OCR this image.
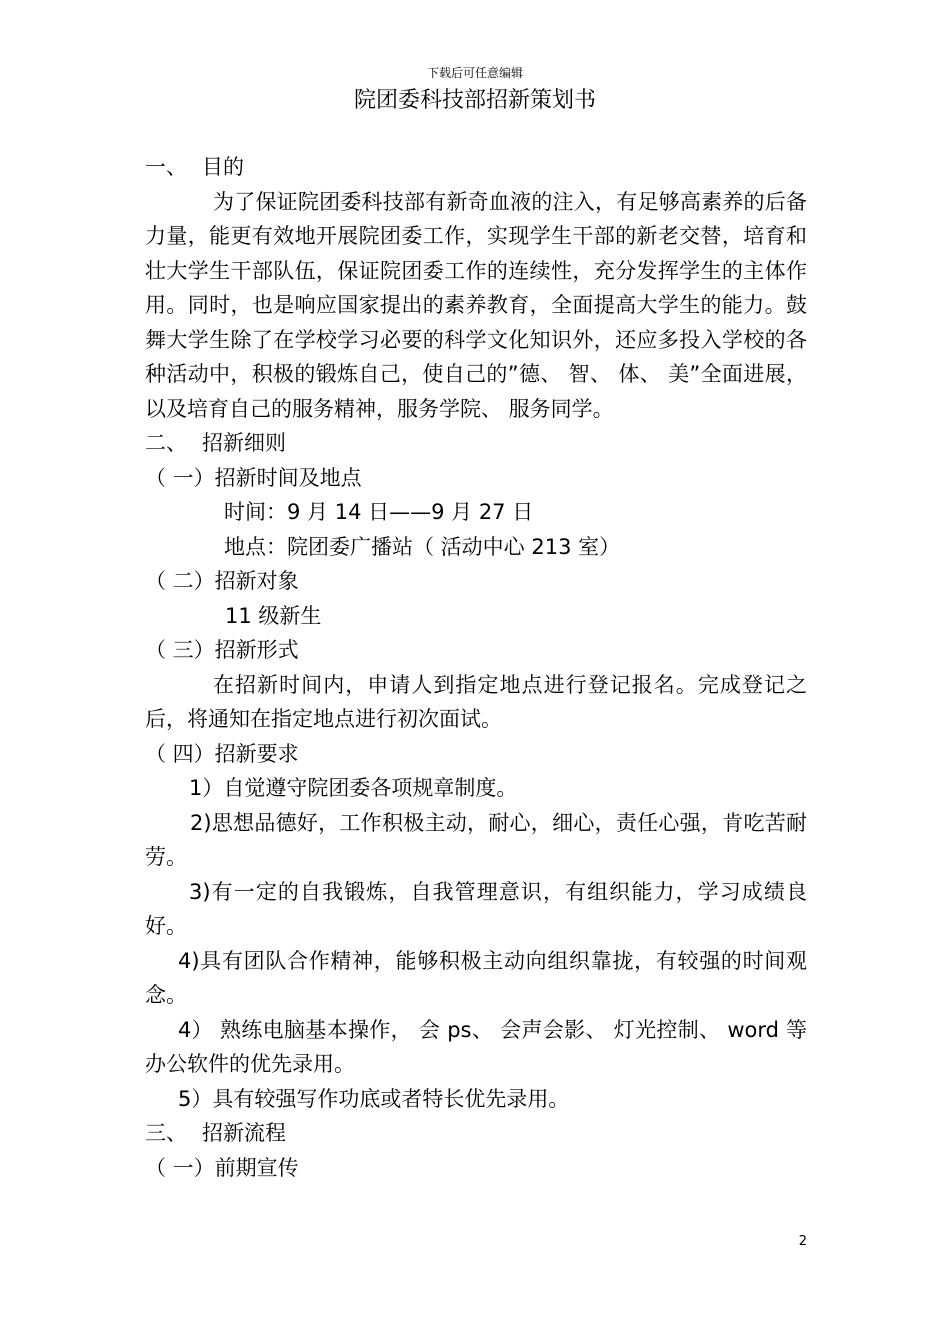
下载后可任意编辑
院团委科技部招新策划书
一、 目的

为了保证院团委科技部有新奇血液的注入，有足够高素养的后备力量，能更有效地开展院团委工作，实现学生干部的新老交替，培育和壮大学生干部队伍，保证院团委工作的连续性，充分发挥学生的主体作用。同时，也是响应国家提出的素养教育，全面提高大学生的能力。鼓舞大学生除了在学校学习必要的科学文化知识外，还应多投入学校的各种活动中，积极的锻炼自己，使自己的”德、 智、 体、 美”全面进展，以及培育自己的服务精神，服务学院、 服务同学。

二、 招新细则

（ 一）招新时间及地点

时间：9 月 14 日——9 月 27 日

地点：院团委广播站（ 活动中心 213 室）

（ 二）招新对象

11 级新生

（ 三）招新形式

在招新时间内，申请人到指定地点进行登记报名。完成登记之后，将通知在指定地点进行初次面试。

（ 四）招新要求

1）自觉遵守院团委各项规章制度。

2)思想品德好，工作积极主动，耐心，细心，责任心强，肯吃苦耐劳。

3)有一定的自我锻炼，自我管理意识，有组织能力，学习成绩良好。

4)具有团队合作精神，能够积极主动向组织靠拢，有较强的时间观念。

4） 熟练电脑基本操作， 会 ps、 会声会影、 灯光控制、 word 等办公软件的优先录用。

5）具有较强写作功底或者特长优先录用。

三、 招新流程

（ 一）前期宣传

2
